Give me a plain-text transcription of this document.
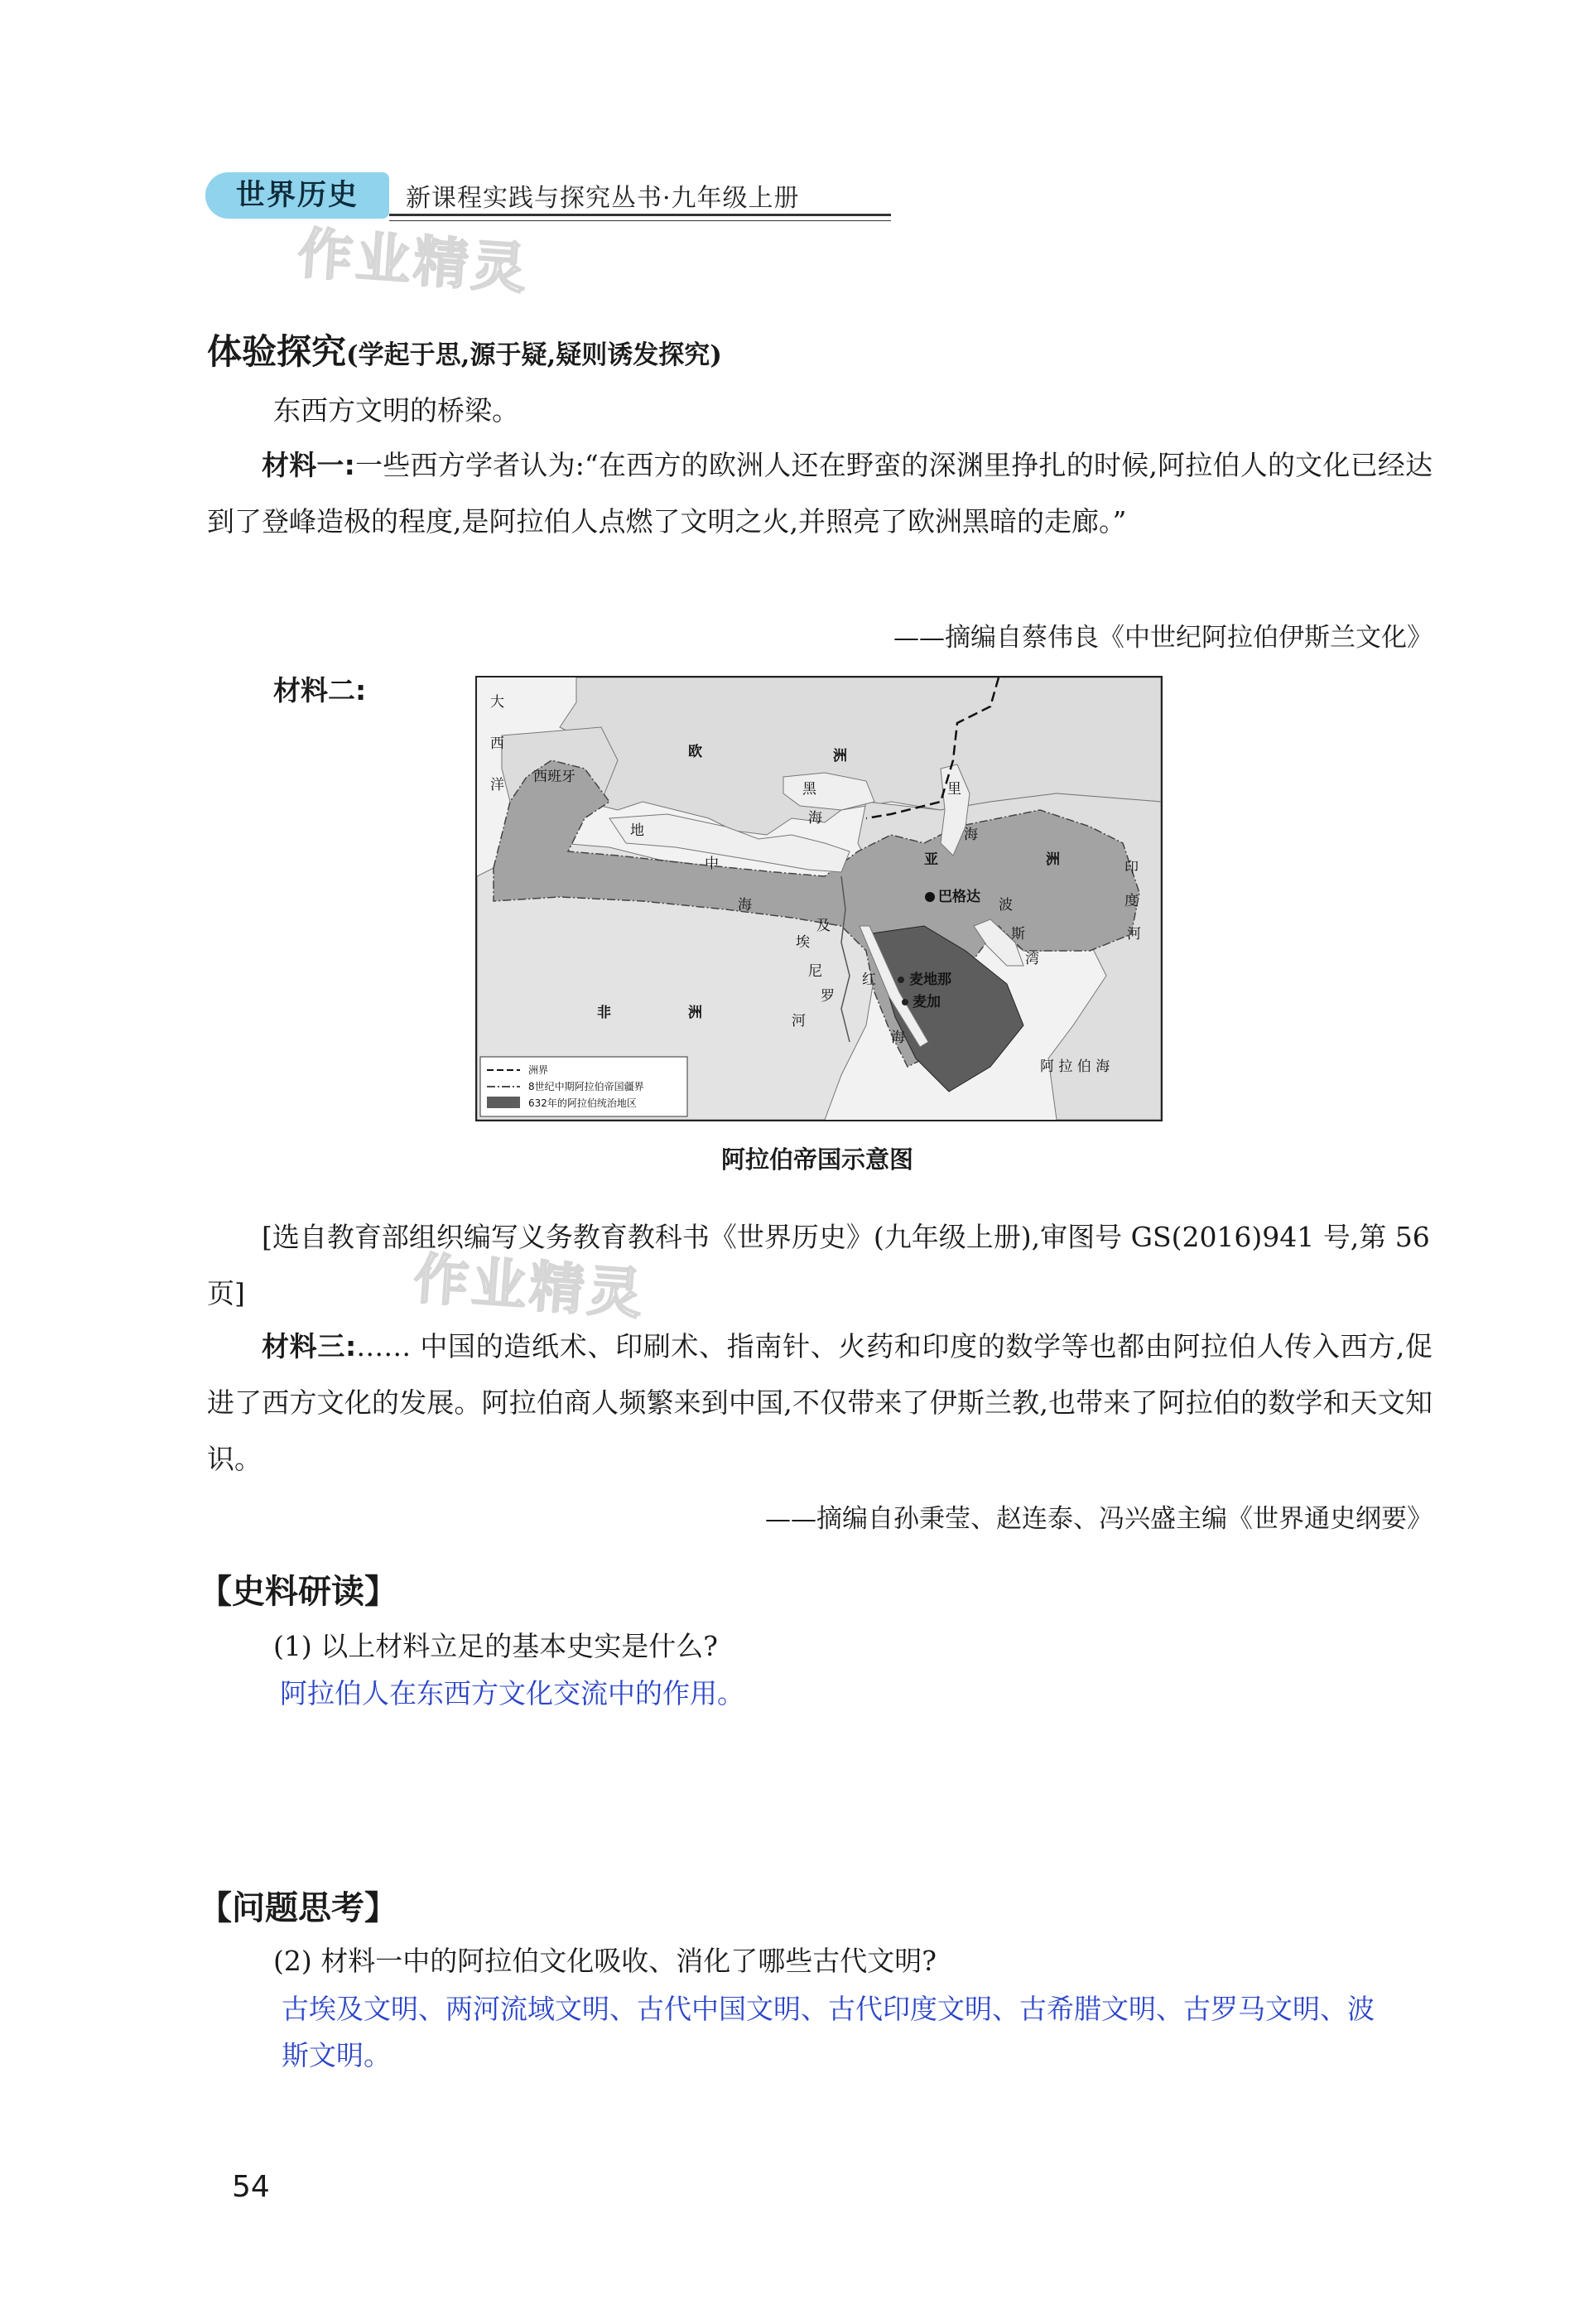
世界历史	新课程实践与探究丛书·九年级上册
作业精灵
体验探究(学起于思,源于疑,疑则诱发探究)
东西方文明的桥梁。
材料一:一些西方学者认为:“在西方的欧洲人还在野蛮的深渊里挣扎的时候,阿拉伯人的文化已经达到了登峰造极的程度,是阿拉伯人点燃了文明之火,并照亮了欧洲黑暗的走廊。”
——摘编自蔡伟良《中世纪阿拉伯伊斯兰文化》
材料二:	大
西
洋 西班牙
欧	洲
黑
海
里
海
地
中
海
亚	洲
巴格达 波
斯
湾
印
度
河
埃
及
尼
罗
河
红
海
麦地那
麦加
非	洲
阿 拉 伯 海
洲界
8世纪中期阿拉伯帝国疆界
632年的阿拉伯统治地区
阿拉伯帝国示意图
[选自教育部组织编写义务教育教科书《世界历史》(九年级上册),审图号 GS(2016)941 号,第 56 页]	作业精灵
材料三:…… 中国的造纸术、印刷术、指南针、火药和印度的数学等也都由阿拉伯人传入西方,促进了西方文化的发展。阿拉伯商人频繁来到中国,不仅带来了伊斯兰教,也带来了阿拉伯的数学和天文知识。
——摘编自孙秉莹、赵连泰、冯兴盛主编《世界通史纲要》
【史料研读】
(1) 以上材料立足的基本史实是什么?
阿拉伯人在东西方文化交流中的作用。
【问题思考】
(2) 材料一中的阿拉伯文化吸收、消化了哪些古代文明?
古埃及文明、两河流域文明、古代中国文明、古代印度文明、古希腊文明、古罗马文明、波斯文明。
54
